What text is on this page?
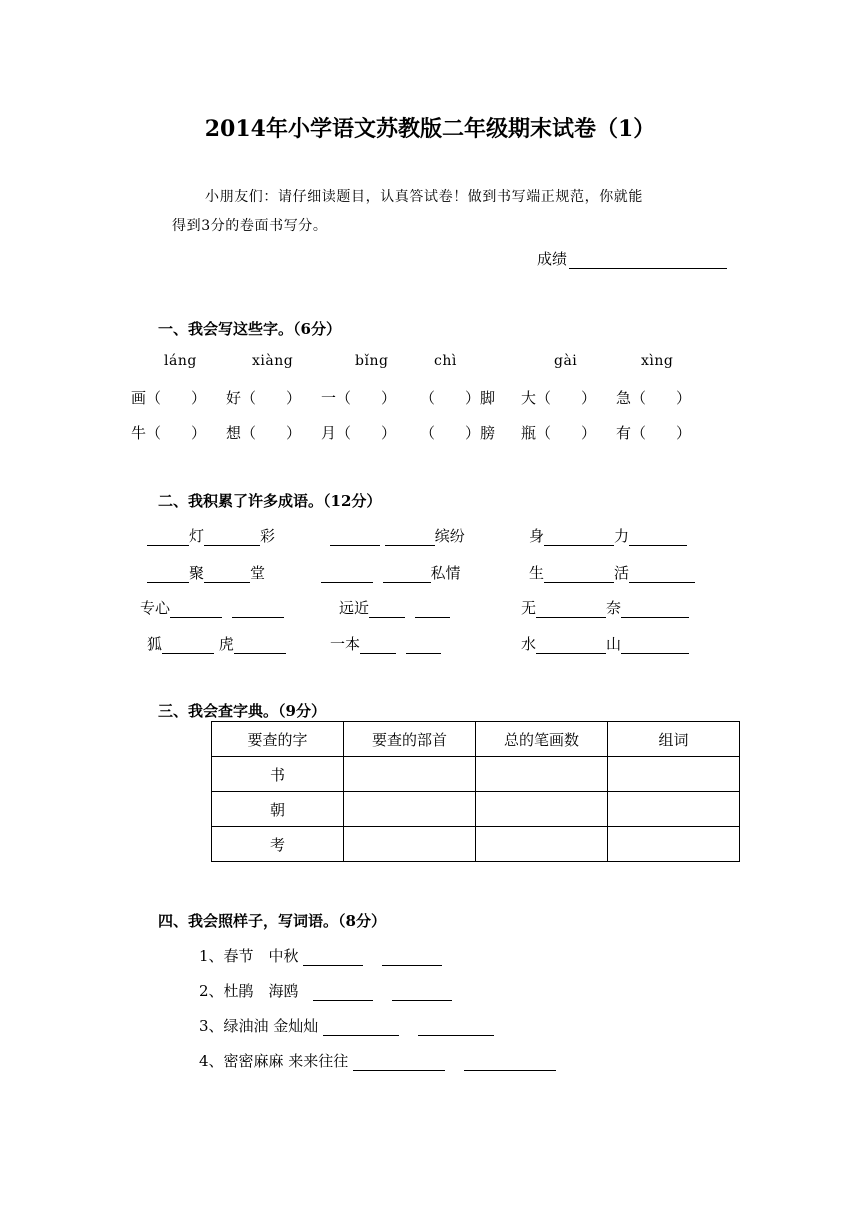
2014年小学语文苏教版二年级期末试卷（1）
小朋友们：请仔细读题目，认真答试卷！做到书写端正规范，你就能
得到3分的卷面书写分。
成绩
一、我会写这些字。（6分）
láng	xiàng	bǐng	chì	gài	xìng
画（　　） 好（　　） 一（　　） （　　）脚 大（　　） 急（　　）
牛（　　） 想（　　） 月（　　） （　　）膀 瓶（　　） 有（　　）
二、我积累了许多成语。（12分）
灯	彩	缤纷	身	力
聚	堂	私情	生	活
专心	远近	无	奈
狐	虎	一本	水	山
三、我会查字典。（9分）
要查的字	要查的部首	总的笔画数	组词
书			
朝			
考			
四、我会照样子，写词语。（8分）
1、春节　中秋
2、杜鹃　海鸥
3、绿油油 金灿灿
4、密密麻麻 来来往往
